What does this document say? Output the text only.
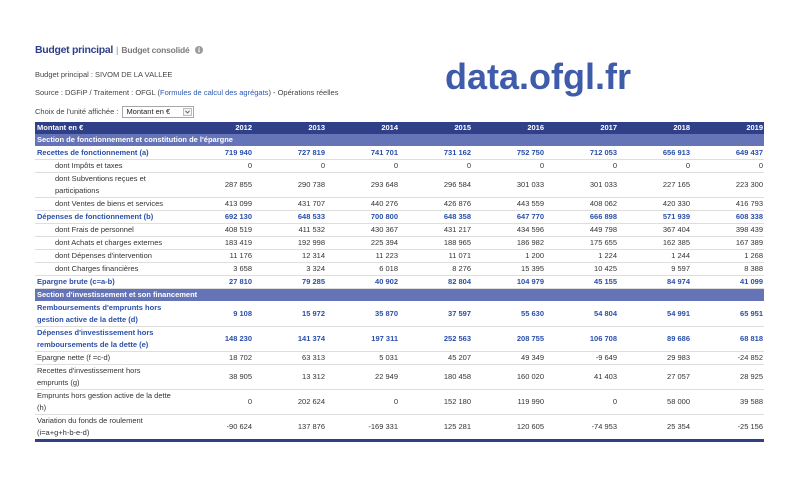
Budget principal | Budget consolidé
Budget principal : SIVOM DE LA VALLEE
Source : DGFiP / Traitement : OFGL (Formules de calcul des agrégats) - Opérations réelles
Choix de l'unité affichée :	Montant en €
data.ofgl.fr
Montant en €	2012	2013	2014	2015	2016	2017	2018	2019
Section de fonctionnement et constitution de l'épargne								
Recettes de fonctionnement (a)	719 940	727 819	741 701	731 162	752 750	712 053	656 913	649 437
dont Impôts et taxes	0	0	0	0	0	0	0	0
dont Subventions reçues et
participations	287 855	290 738	293 648	296 584	301 033	301 033	227 165	223 300
dont Ventes de biens et services	413 099	431 707	440 276	426 876	443 559	408 062	420 330	416 793
Dépenses de fonctionnement (b)	692 130	648 533	700 800	648 358	647 770	666 898	571 939	608 338
dont Frais de personnel	408 519	411 532	430 367	431 217	434 596	449 798	367 404	398 439
dont Achats et charges externes	183 419	192 998	225 394	188 965	186 982	175 655	162 385	167 389
dont Dépenses d'intervention	11 176	12 314	11 223	11 071	1 200	1 224	1 244	1 268
dont Charges financières	3 658	3 324	6 018	8 276	15 395	10 425	9 597	8 388
Epargne brute (c=a-b)	27 810	79 285	40 902	82 804	104 979	45 155	84 974	41 099
Section d'investissement et son financement								
Remboursements d'emprunts hors
gestion active de la dette (d)	9 108	15 972	35 870	37 597	55 630	54 804	54 991	65 951
Dépenses d'investissement hors
remboursements de la dette (e)	148 230	141 374	197 311	252 563	208 755	106 708	89 686	68 818
Epargne nette (f =c-d)	18 702	63 313	5 031	45 207	49 349	-9 649	29 983	-24 852
Recettes d'investissement hors
emprunts (g)	38 905	13 312	22 949	180 458	160 020	41 403	27 057	28 925
Emprunts hors gestion active de la dette
(h)	0	202 624	0	152 180	119 990	0	58 000	39 588
Variation du fonds de roulement
(i=a+g+h-b-e-d)	-90 624	137 876	-169 331	125 281	120 605	-74 953	25 354	-25 156
